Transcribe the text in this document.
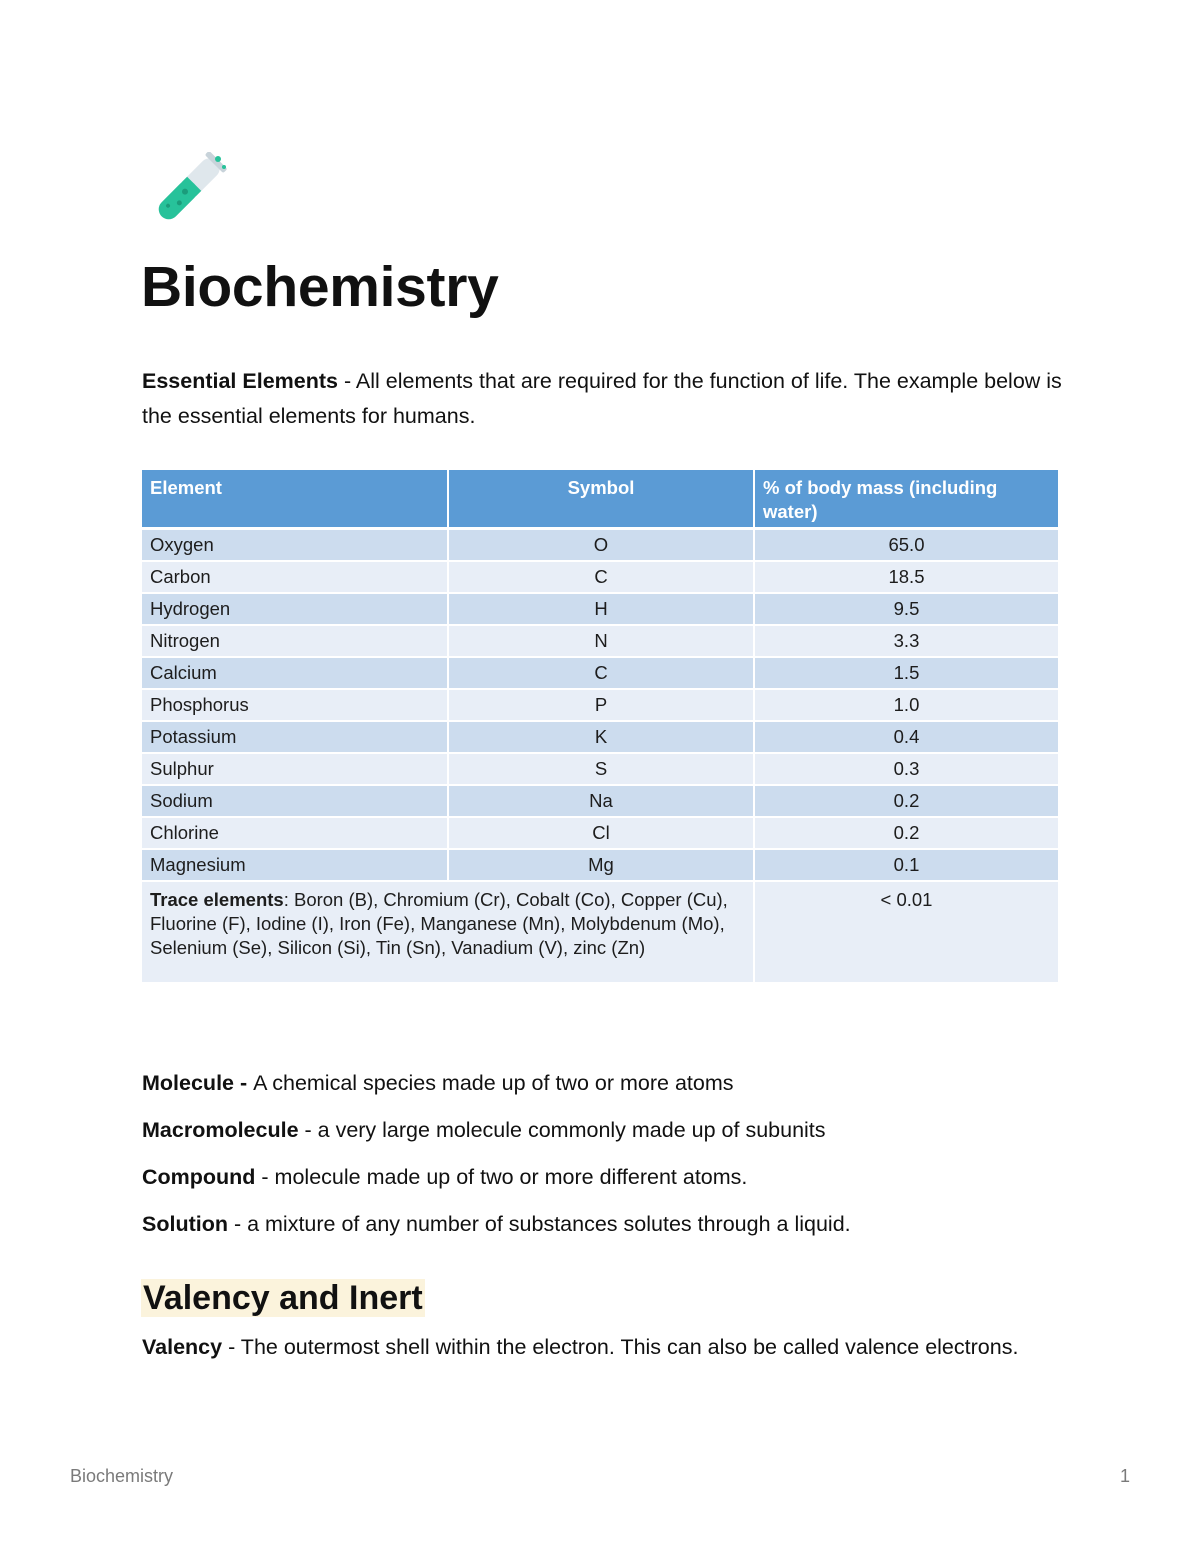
Biochemistry

Essential Elements - All elements that are required for the function of life. The example below is the essential elements for humans.

Element	Symbol	% of body mass (including water)
Oxygen	O	65.0
Carbon	C	18.5
Hydrogen	H	9.5
Nitrogen	N	3.3
Calcium	C	1.5
Phosphorus	P	1.0
Potassium	K	0.4
Sulphur	S	0.3
Sodium	Na	0.2
Chlorine	Cl	0.2
Magnesium	Mg	0.1

Trace elements: Boron (B), Chromium (Cr), Cobalt (Co), Copper (Cu), Fluorine (F), Iodine (I), Iron (Fe), Manganese (Mn), Molybdenum (Mo), Selenium (Se), Silicon (Si), Tin (Sn), Vanadium (V), zinc (Zn)		< 0.01

Molecule - A chemical species made up of two or more atoms

Macromolecule - a very large molecule commonly made up of subunits

Compound - molecule made up of two or more different atoms.

Solution - a mixture of any number of substances solutes through a liquid.

Valency and Inert

Valency - The outermost shell within the electron. This can also be called valence electrons.

Biochemistry	1
